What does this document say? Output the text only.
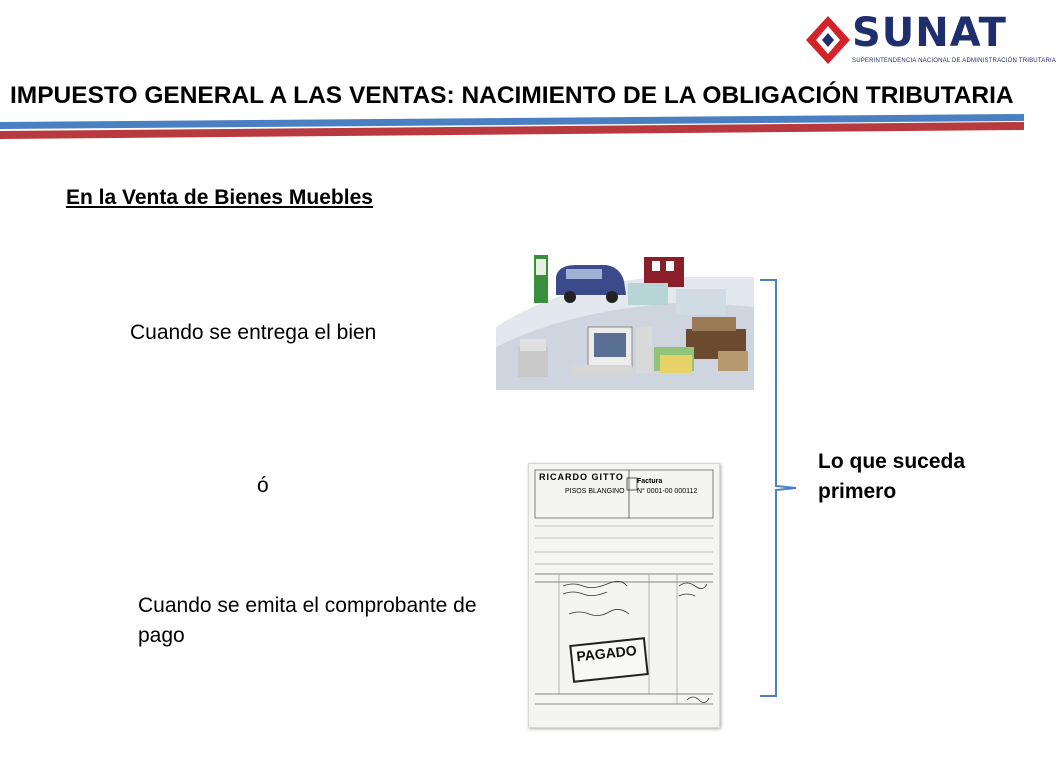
SUNAT
SUPERINTENDENCIA NACIONAL DE ADMINISTRACIÓN TRIBUTARIA
IMPUESTO GENERAL A LAS VENTAS: NACIMIENTO DE LA OBLIGACIÓN TRIBUTARIA
En la Venta de Bienes Muebles
Cuando se entrega el bien
ó
Cuando se emita el comprobante de pago
RICARDO GITTO
PISOS BLANGINO
Factura
N° 0001-00 000112
PAGADO
Lo que suceda primero
